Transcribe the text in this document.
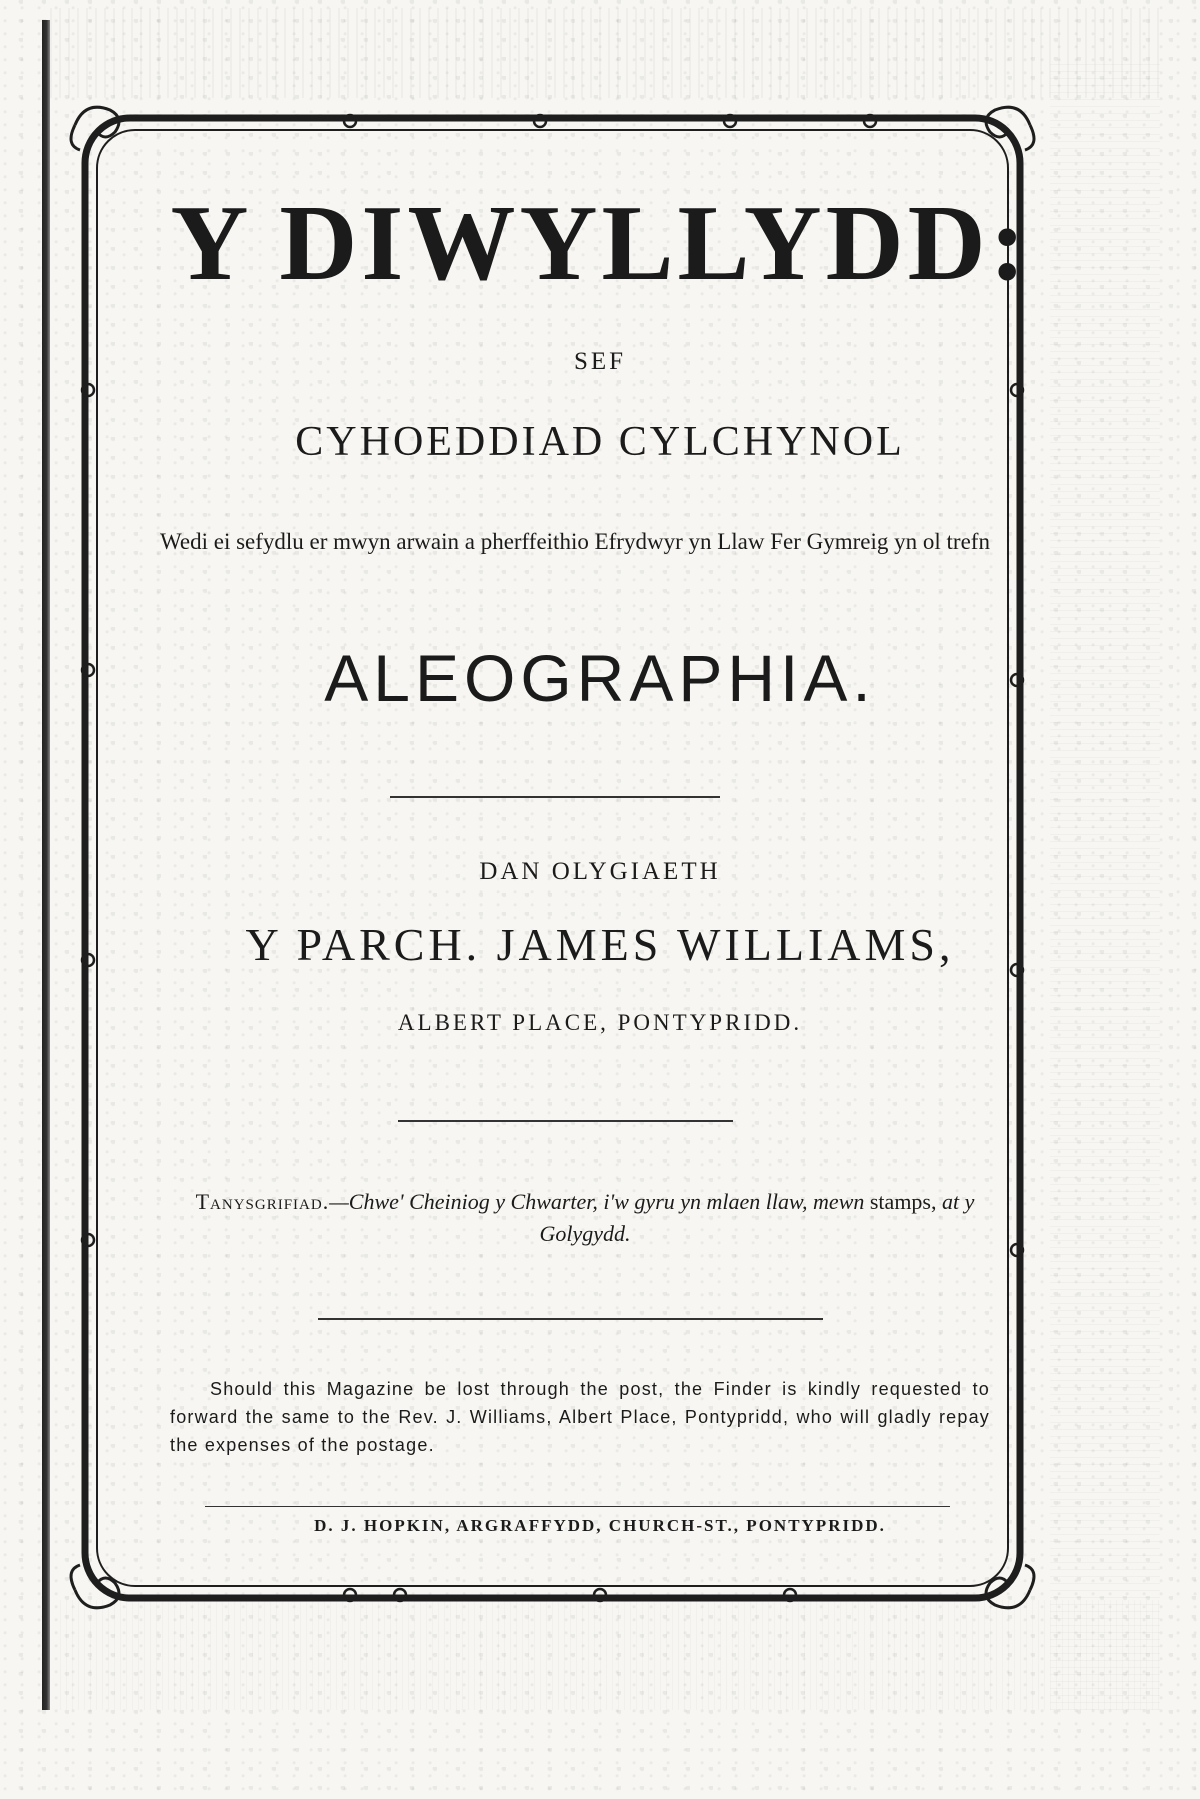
Y DIWYLLYDD:
SEF
CYHOEDDIAD CYLCHYNOL
Wedi ei sefydlu er mwyn arwain a pherffeithio Efrydwyr yn Llaw Fer Gymreig yn ol trefn
ALEOGRAPHIA.
DAN OLYGIAETH
Y PARCH. JAMES WILLIAMS,
ALBERT PLACE, PONTYPRIDD.
Tanysgrifiad.—Chwe' Cheiniog y Chwarter, i'w gyru yn mlaen llaw, mewn stamps, at y Golygydd.
Should this Magazine be lost through the post, the Finder is kindly requested to forward the same to the Rev. J. Williams, Albert Place, Pontypridd, who will gladly repay the expenses of the postage.
D. J. HOPKIN, ARGRAFFYDD, CHURCH-ST., PONTYPRIDD.
